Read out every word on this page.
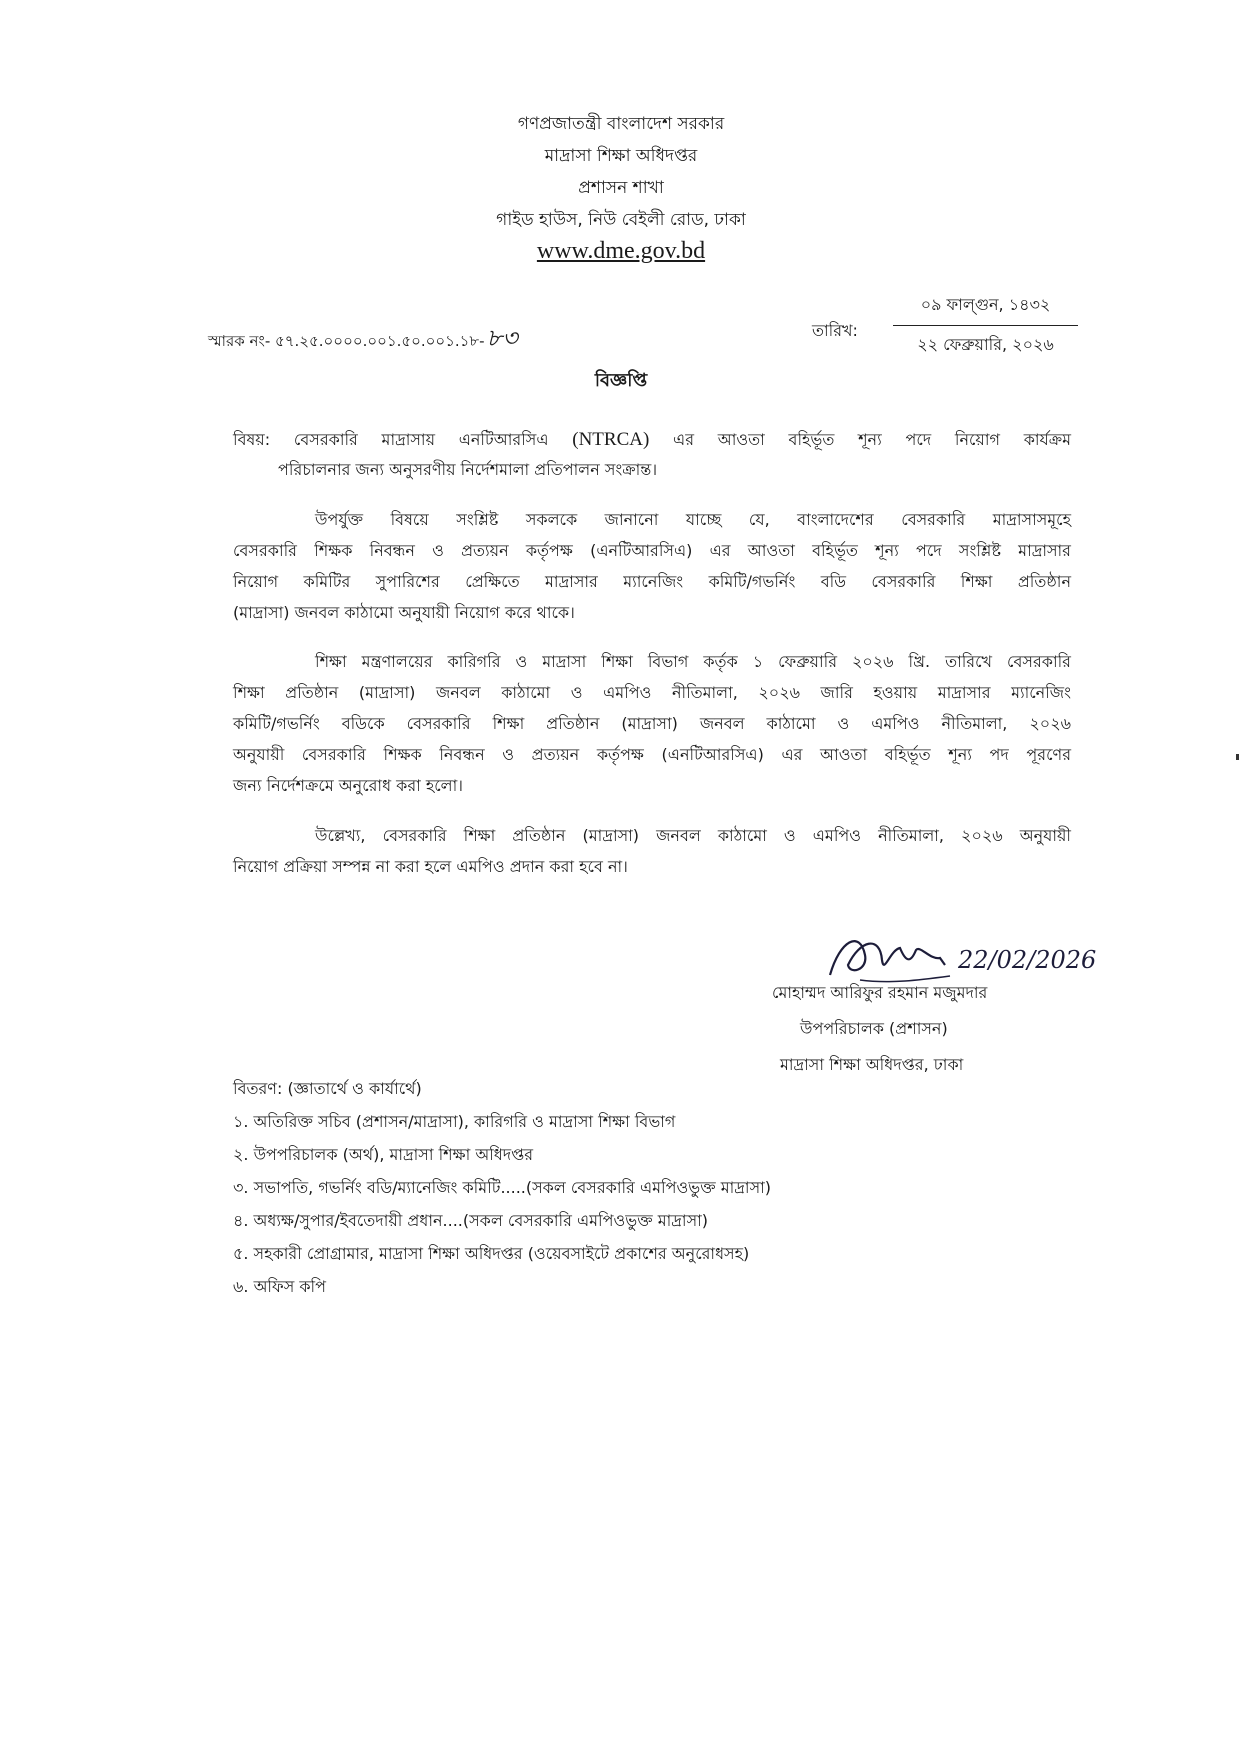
গণপ্রজাতন্ত্রী বাংলাদেশ সরকার
মাদ্রাসা শিক্ষা অধিদপ্তর
প্রশাসন শাখা
গাইড হাউস, নিউ বেইলী রোড, ঢাকা
www.dme.gov.bd
স্মারক নং- ৫৭.২৫.০০০০.০০১.৫০.০০১.১৮-৮৩	তারিখ:
০৯ ফাল্গুন, ১৪৩২
২২ ফেব্রুয়ারি, ২০২৬
বিজ্ঞপ্তি
বিষয়: বেসরকারি মাদ্রাসায় এনটিআরসিএ (NTRCA) এর আওতা বহির্ভূত শূন্য পদে নিয়োগ কার্যক্রম
পরিচালনার জন্য অনুসরণীয় নির্দেশমালা প্রতিপালন সংক্রান্ত।
উপর্যুক্ত বিষয়ে সংশ্লিষ্ট সকলকে জানানো যাচ্ছে যে, বাংলাদেশের বেসরকারি মাদ্রাসাসমূহে
বেসরকারি শিক্ষক নিবন্ধন ও প্রত্যয়ন কর্তৃপক্ষ (এনটিআরসিএ) এর আওতা বহির্ভূত শূন্য পদে সংশ্লিষ্ট মাদ্রাসার
নিয়োগ কমিটির সুপারিশের প্রেক্ষিতে মাদ্রাসার ম্যানেজিং কমিটি/গভর্নিং বডি বেসরকারি শিক্ষা প্রতিষ্ঠান
(মাদ্রাসা) জনবল কাঠামো অনুযায়ী নিয়োগ করে থাকে।
শিক্ষা মন্ত্রণালয়ের কারিগরি ও মাদ্রাসা শিক্ষা বিভাগ কর্তৃক ১ ফেব্রুয়ারি ২০২৬ খ্রি. তারিখে বেসরকারি
শিক্ষা প্রতিষ্ঠান (মাদ্রাসা) জনবল কাঠামো ও এমপিও নীতিমালা, ২০২৬ জারি হওয়ায় মাদ্রাসার ম্যানেজিং
কমিটি/গভর্নিং বডিকে বেসরকারি শিক্ষা প্রতিষ্ঠান (মাদ্রাসা) জনবল কাঠামো ও এমপিও নীতিমালা, ২০২৬
অনুযায়ী বেসরকারি শিক্ষক নিবন্ধন ও প্রত্যয়ন কর্তৃপক্ষ (এনটিআরসিএ) এর আওতা বহির্ভূত শূন্য পদ পূরণের
জন্য নির্দেশক্রমে অনুরোধ করা হলো।
উল্লেখ্য, বেসরকারি শিক্ষা প্রতিষ্ঠান (মাদ্রাসা) জনবল কাঠামো ও এমপিও নীতিমালা, ২০২৬ অনুযায়ী
নিয়োগ প্রক্রিয়া সম্পন্ন না করা হলে এমপিও প্রদান করা হবে না।
22/02/2026
মোহাম্মদ আরিফুর রহমান মজুমদার
উপপরিচালক (প্রশাসন)
মাদ্রাসা শিক্ষা অধিদপ্তর, ঢাকা
বিতরণ: (জ্ঞাতার্থে ও কার্যার্থে)
১. অতিরিক্ত সচিব (প্রশাসন/মাদ্রাসা), কারিগরি ও মাদ্রাসা শিক্ষা বিভাগ
২. উপপরিচালক (অর্থ), মাদ্রাসা শিক্ষা অধিদপ্তর
৩. সভাপতি, গভর্নিং বডি/ম্যানেজিং কমিটি.....(সকল বেসরকারি এমপিওভুক্ত মাদ্রাসা)
৪. অধ্যক্ষ/সুপার/ইবতেদায়ী প্রধান....(সকল বেসরকারি এমপিওভুক্ত মাদ্রাসা)
৫. সহকারী প্রোগ্রামার, মাদ্রাসা শিক্ষা অধিদপ্তর (ওয়েবসাইটে প্রকাশের অনুরোধসহ)
৬. অফিস কপি
